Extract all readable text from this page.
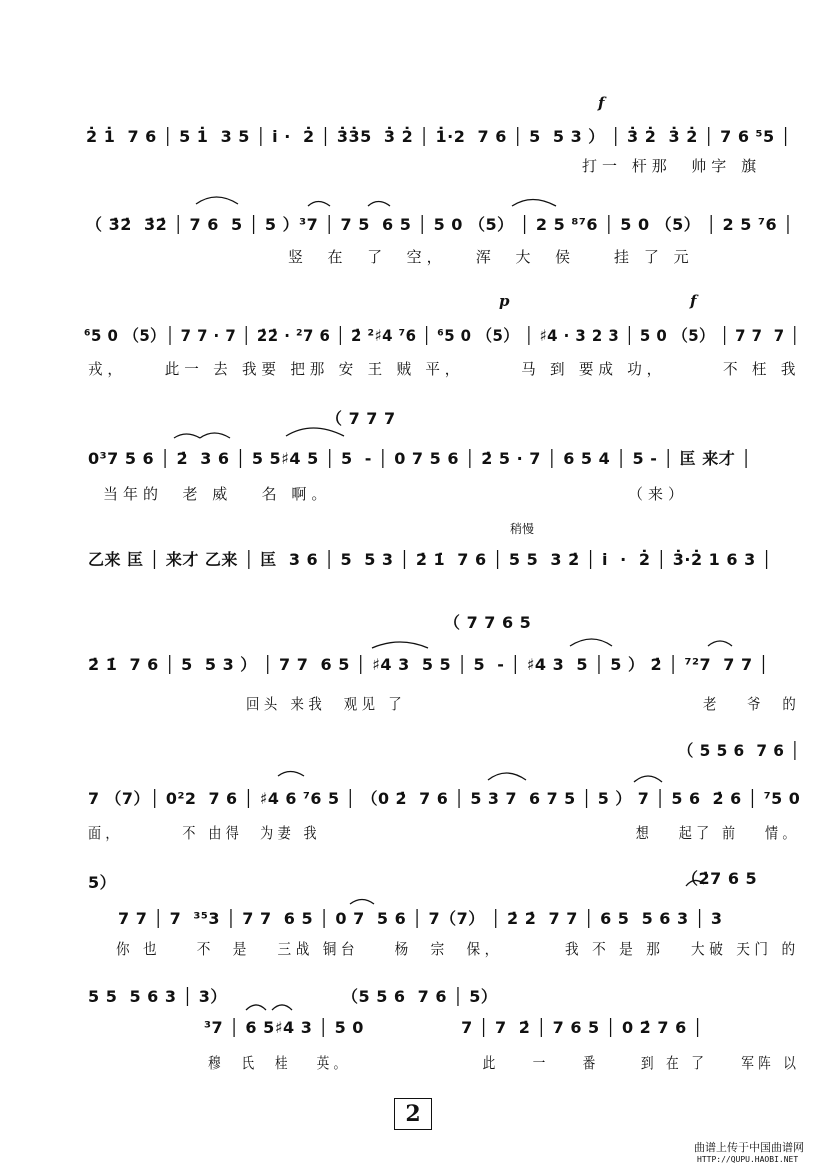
f
2̇ 1̇  7 6 │ 5 1̇  3 5 │ i ·  2̇ │ 3̇3̇5  3̇ 2̇ │ 1̇·2  7 6 │ 5  5 3 ） │ 3̇ 2̇  3̇ 2̇ │ 7 6 ⁵5 │
打一 杆那  帅字 旗
（ 3̇2̇  3̇2̇ │ 7 6  5 │ 5 ）³7 │ 7 5  6 5 │ 5 0 （5） │ 2 5 ⁸⁷6 │ 5 0 （5） │ 2 5 ⁷6 │
竖  在  了  空，   浑  大  侯    挂 了 元
p	f
⁶5 0 （5）│ 7 7 · 7 │ 2̇2̇ · ²7 6 │ 2̇ ²♯4 ⁷6 │ ⁶5 0 （5） │ ♯4 · 3 2 3 │ 5 0 （5） │ 7 7  7 │
戎，    此一 去 我要 把那 安 王 贼 平，      马 到 要成 功，      不 枉 我
（ 7 7 7
0³7 5 6 │ 2̇  3 6 │ 5 5♯4 5 │ 5  - │ 0 7 5 6 │ 2̇ 5 · 7 │ 6 5 4 │ 5 - │ 匡 来才 │
当年的  老 威   名 啊。	（来）
稍慢
乙来 匡 │ 来才 乙来 │ 匡  3 6 │ 5  5 3 │ 2̇ 1̇  7 6 │ 5 5  3 2̇ │ i  ·  2̇ │ 3̇·2̇ 1 6 3 │
（ 7 7 6 5
2̇ 1̇  7 6 │ 5  5 3 ） │ 7 7  6 5 │ ♯4 3  5 5 │ 5  - │ ♯4 3  5 │ 5 ） 2̇ │ ⁷²7  7 7 │
回头 来我  观见 了                                  老   爷  的
（ 5 5 6  7 6 │
7 （7）│ 0²2  7 6 │ ♯4 6 ⁷6 5 │ （0 2̇  7 6 │ 5 3 7  6 7 5 │ 5 ） 7 │ 5 6  2̇ 6 │ ⁷5 0
面，       不 由得  为妻 我                                     想   起了 前   情。
5）	（2̇7 6 5
7 7 │ 7  ³⁵3 │ 7 7  6 5 │ 0 7  5 6 │ 7（7） │ 2̇ 2̇  7 7 │ 6 5  5 6 3 │ 3
你 也    不  是   三战 铜台    杨  宗  保，       我 不 是 那   大破 天门 的
5 5  5 6 3 │ 3）	（5 5 6  7 6 │ 5）
³7 │ 6 5♯4 3 │ 5 0                7 │ 7  2̇ │ 7 6 5 │ 0 2̇ 7 6 │
穆  氏  桂   英。                此    一    番     到 在 了    军阵 以
2
曲谱上传于中国曲谱网
HTTP://QUPU.HAOBI.NET
